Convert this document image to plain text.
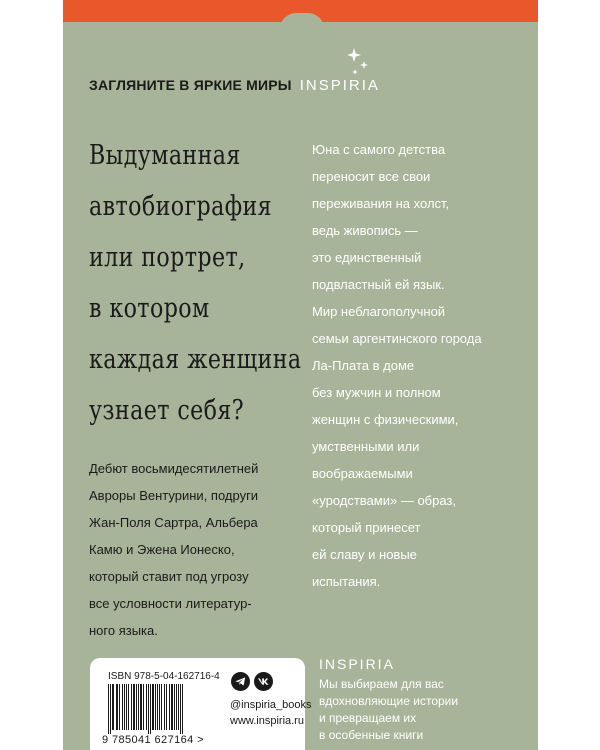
ЗАГЛЯНИТЕ В ЯРКИЕ МИРЫ INSPIRIA
Выдуманная
автобиография
или портрет,
в котором
каждая женщина
узнает себя?
Дебют восьмидесятилетней
Авроры Вентурини, подруги
Жан-Поля Сартра, Альбера
Камю и Эжена Ионеско,
который ставит под угрозу
все условности литератур-
ного языка.
Юна с самого детства
переносит все свои
переживания на холст,
ведь живопись —
это единственный
подвластный ей язык.
Мир неблагополучной
семьи аргентинского города
Ла-Плата в доме
без мужчин и полном
женщин с физическими,
умственными или
воображаемыми
«уродствами» — образ,
который принесет
ей славу и новые
испытания.
ISBN 978-5-04-162716-4
9 785041 627164 >
@inspiria_books
www.inspiria.ru
INSPIRIA
Мы выбираем для вас
вдохновляющие истории
и превращаем их
в особенные книги
